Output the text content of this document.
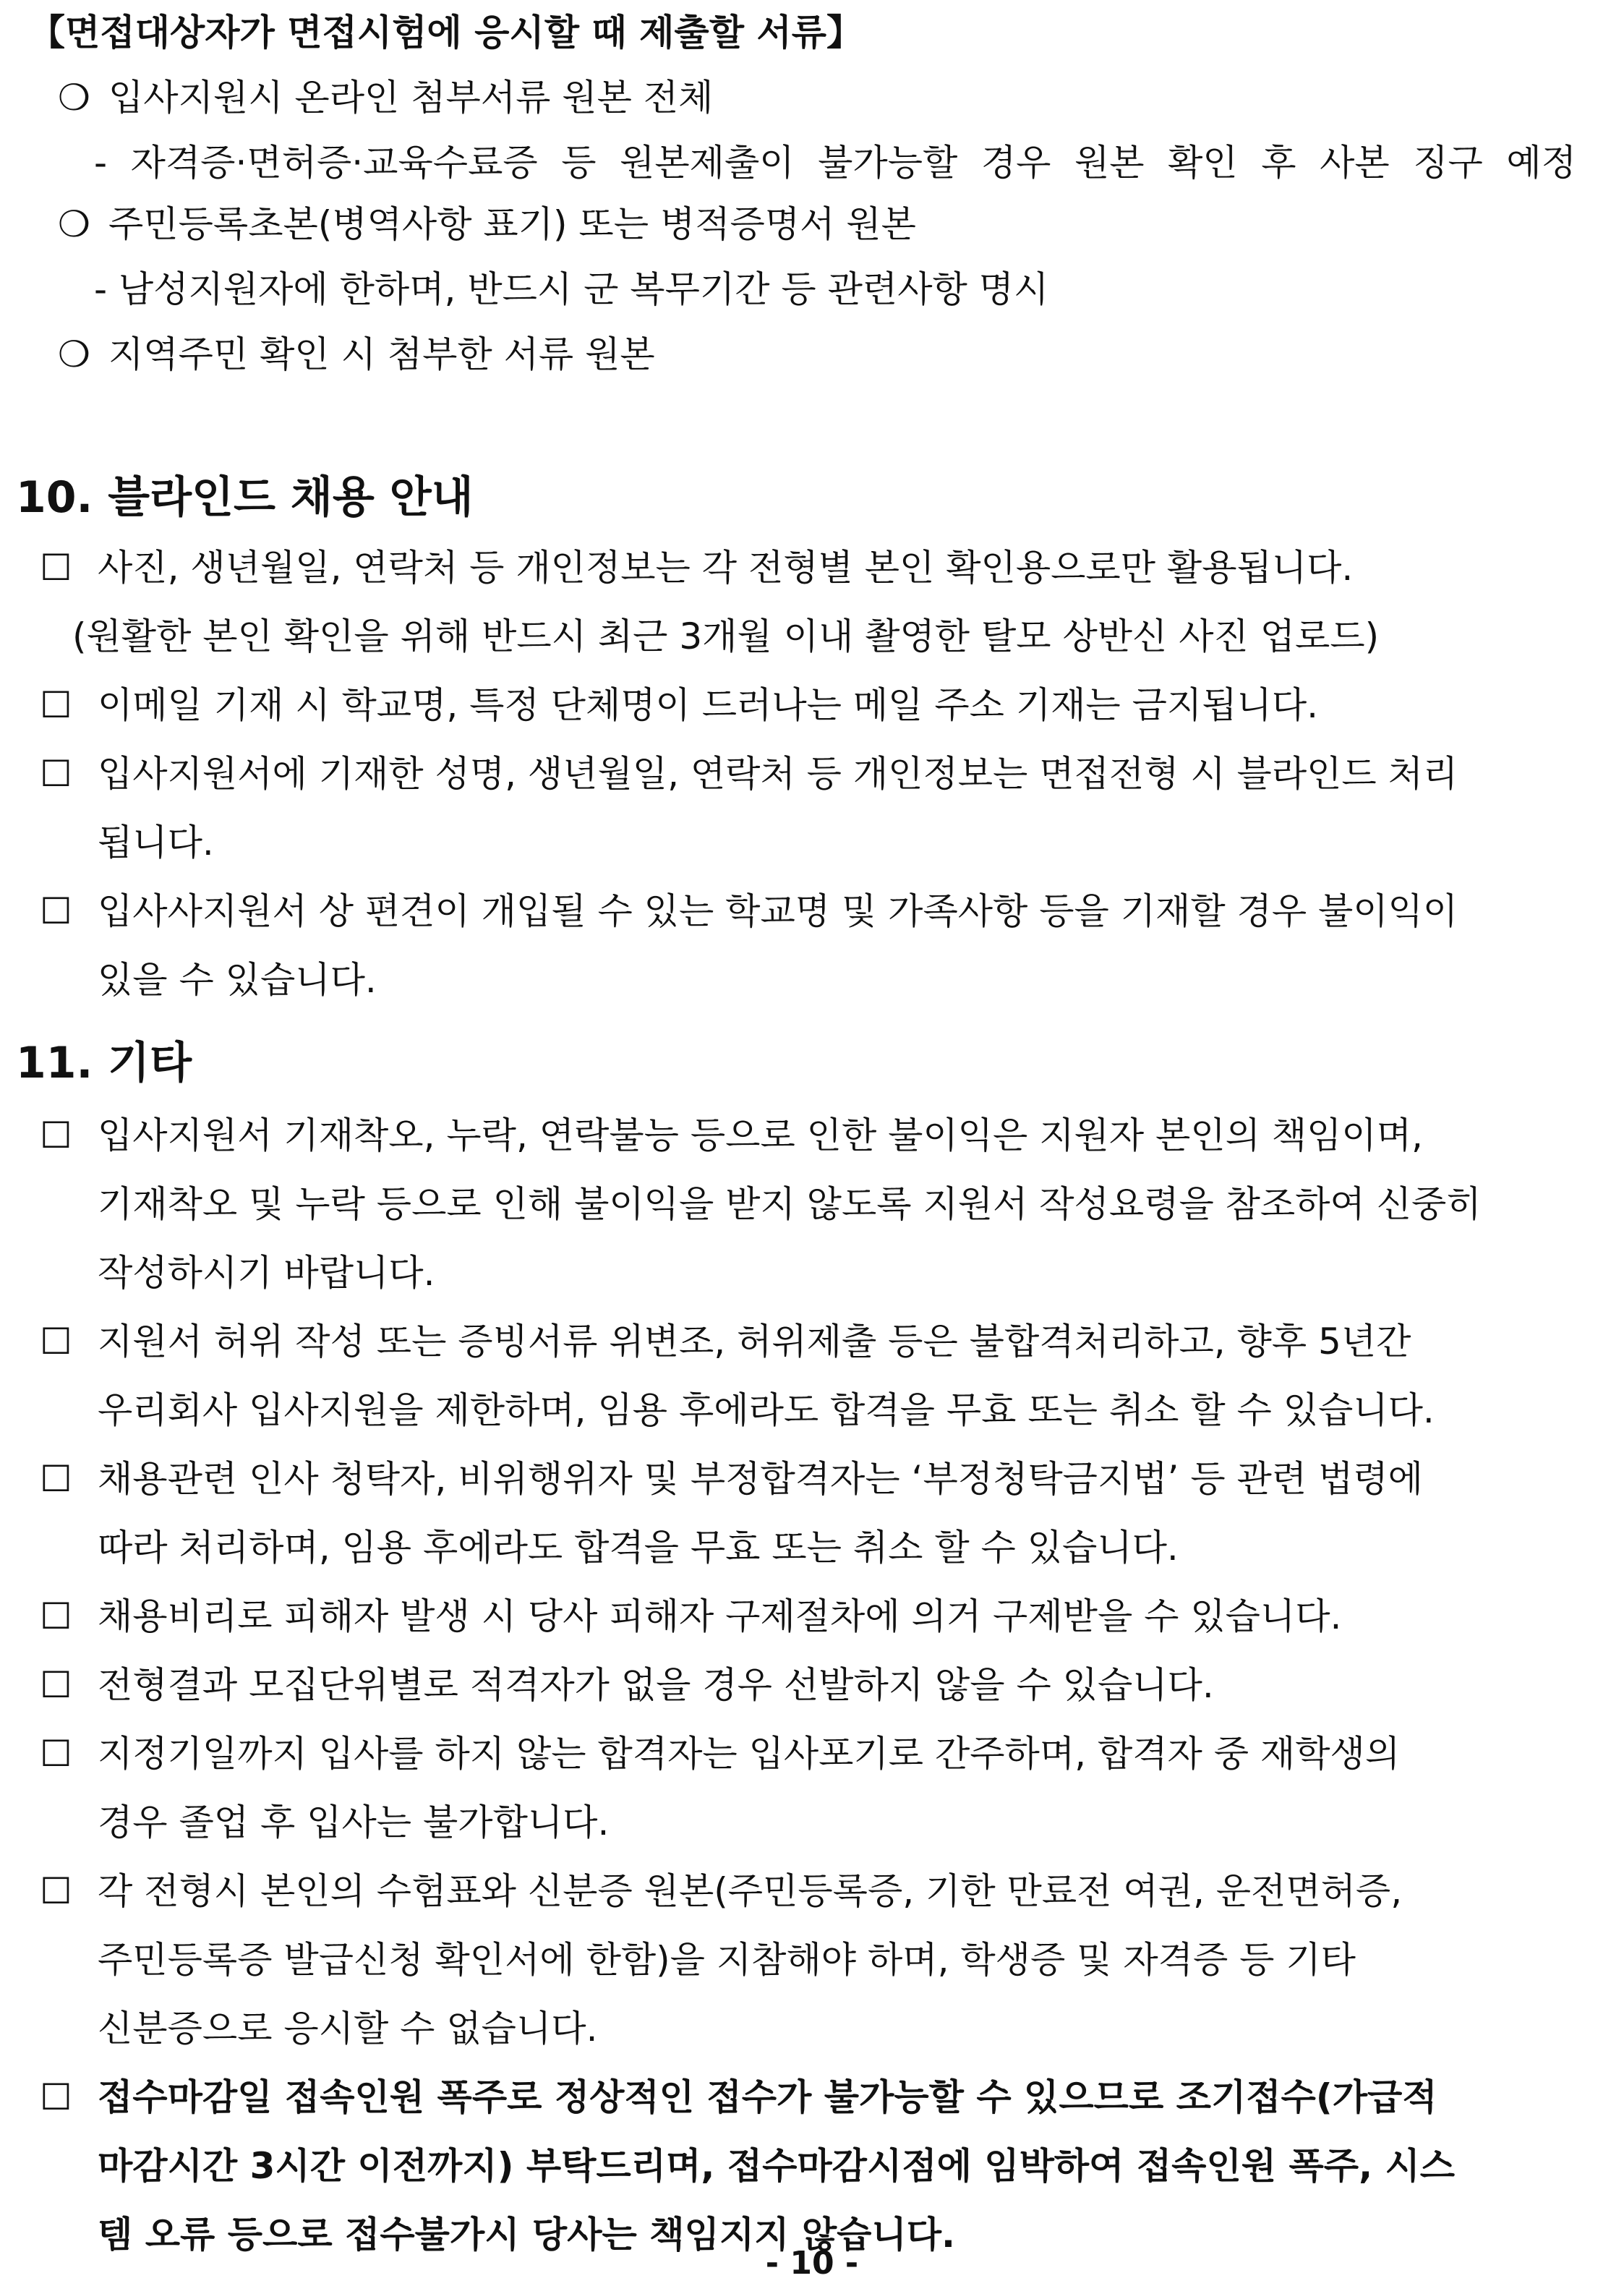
【면접대상자가 면접시험에 응시할 때 제출할 서류】
❍ 입사지원시 온라인 첨부서류 원본 전체
- 자격증·면허증·교육수료증 등 원본제출이 불가능할 경우 원본 확인 후 사본 징구 예정
❍ 주민등록초본(병역사항 표기) 또는 병적증명서 원본
- 남성지원자에 한하며, 반드시 군 복무기간 등 관련사항 명시
❍ 지역주민 확인 시 첨부한 서류 원본
10. 블라인드 채용 안내
☐ 사진, 생년월일, 연락처 등 개인정보는 각 전형별 본인 확인용으로만 활용됩니다.
(원활한 본인 확인을 위해 반드시 최근 3개월 이내 촬영한 탈모 상반신 사진 업로드)
☐ 이메일 기재 시 학교명, 특정 단체명이 드러나는 메일 주소 기재는 금지됩니다.
☐ 입사지원서에 기재한 성명, 생년월일, 연락처 등 개인정보는 면접전형 시 블라인드 처리
됩니다.
☐ 입사사지원서 상 편견이 개입될 수 있는 학교명 및 가족사항 등을 기재할 경우 불이익이
있을 수 있습니다.
11. 기타
☐ 입사지원서 기재착오, 누락, 연락불능 등으로 인한 불이익은 지원자 본인의 책임이며,
기재착오 및 누락 등으로 인해 불이익을 받지 않도록 지원서 작성요령을 참조하여 신중히
작성하시기 바랍니다.
☐ 지원서 허위 작성 또는 증빙서류 위변조, 허위제출 등은 불합격처리하고, 향후 5년간
우리회사 입사지원을 제한하며, 임용 후에라도 합격을 무효 또는 취소 할 수 있습니다.
☐ 채용관련 인사 청탁자, 비위행위자 및 부정합격자는 ‘부정청탁금지법’ 등 관련 법령에
따라 처리하며, 임용 후에라도 합격을 무효 또는 취소 할 수 있습니다.
☐ 채용비리로 피해자 발생 시 당사 피해자 구제절차에 의거 구제받을 수 있습니다.
☐ 전형결과 모집단위별로 적격자가 없을 경우 선발하지 않을 수 있습니다.
☐ 지정기일까지 입사를 하지 않는 합격자는 입사포기로 간주하며, 합격자 중 재학생의
경우 졸업 후 입사는 불가합니다.
☐ 각 전형시 본인의 수험표와 신분증 원본(주민등록증, 기한 만료전 여권, 운전면허증,
주민등록증 발급신청 확인서에 한함)을 지참해야 하며, 학생증 및 자격증 등 기타
신분증으로 응시할 수 없습니다.
☐ 접수마감일 접속인원 폭주로 정상적인 접수가 불가능할 수 있으므로 조기접수(가급적
마감시간 3시간 이전까지) 부탁드리며, 접수마감시점에 임박하여 접속인원 폭주, 시스
템 오류 등으로 접수불가시 당사는 책임지지 않습니다.
- 10 -
